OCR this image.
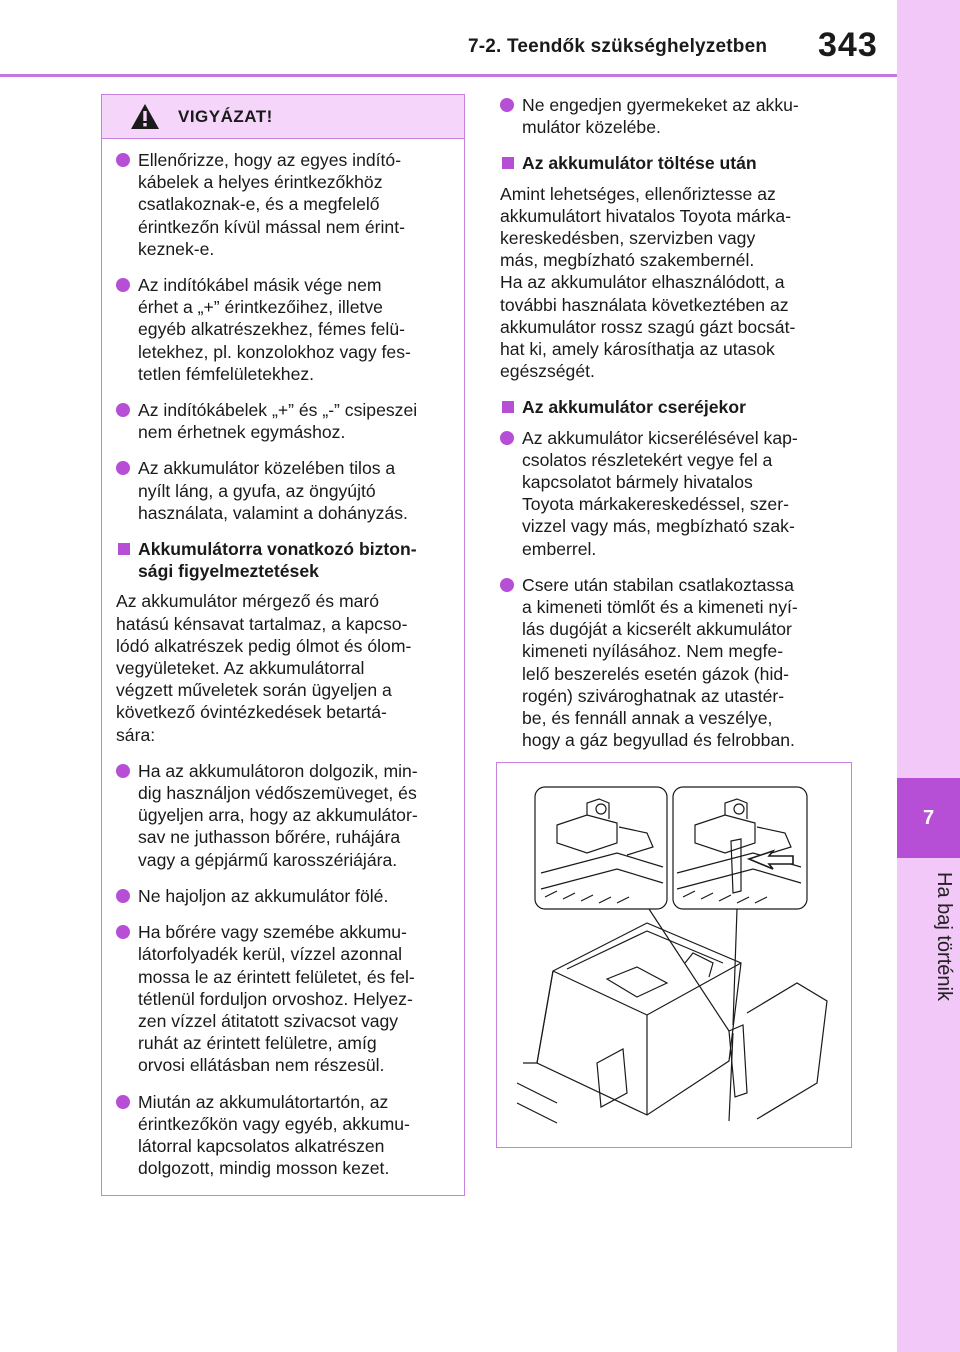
7-2. Teendők szükséghelyzetben 343
7
Ha baj történik
VIGYÁZAT!
Ellenőrizze, hogy az egyes indító-
kábelek a helyes érintkezőkhöz
csatlakoznak-e, és a megfelelő
érintkezőn kívül mással nem érint-
keznek-e.
Az indítókábel másik vége nem
érhet a „+” érintkezőihez, illetve
egyéb alkatrészekhez, fémes felü-
letekhez, pl. konzolokhoz vagy fes-
tetlen fémfelületekhez.
Az indítókábelek „+” és „-” csipeszei
nem érhetnek egymáshoz.
Az akkumulátor közelében tilos a
nyílt láng, a gyufa, az öngyújtó
használata, valamint a dohányzás.
Akkumulátorra vonatkozó bizton-
sági figyelmeztetések
Az akkumulátor mérgező és maró
hatású kénsavat tartalmaz, a kapcso-
lódó alkatrészek pedig ólmot és ólom-
vegyületeket. Az akkumulátorral
végzett műveletek során ügyeljen a
következő óvintézkedések betartá-
sára:
Ha az akkumulátoron dolgozik, min-
dig használjon védőszemüveget, és
ügyeljen arra, hogy az akkumulátor-
sav ne juthasson bőrére, ruhájára
vagy a gépjármű karosszériájára.
Ne hajoljon az akkumulátor fölé.
Ha bőrére vagy szemébe akkumu-
látorfolyadék kerül, vízzel azonnal
mossa le az érintett felületet, és fel-
tétlenül forduljon orvoshoz. Helyez-
zen vízzel átitatott szivacsot vagy
ruhát az érintett felületre, amíg
orvosi ellátásban nem részesül.
Miután az akkumulátortartón, az
érintkezőkön vagy egyéb, akkumu-
látorral kapcsolatos alkatrészen
dolgozott, mindig mosson kezet.
Ne engedjen gyermekeket az akku-
mulátor közelébe.
Az akkumulátor töltése után
Amint lehetséges, ellenőriztesse az
akkumulátort hivatalos Toyota márka-
kereskedésben, szervizben vagy
más, megbízható szakembernél.
Ha az akkumulátor elhasználódott, a
további használata következtében az
akkumulátor rossz szagú gázt bocsát-
hat ki, amely károsíthatja az utasok
egészségét.
Az akkumulátor cseréjekor
Az akkumulátor kicserélésével kap-
csolatos részletekért vegye fel a
kapcsolatot bármely hivatalos
Toyota márkakereskedéssel, szer-
vizzel vagy más, megbízható szak-
emberrel.
Csere után stabilan csatlakoztassa
a kimeneti tömlőt és a kimeneti nyí-
lás dugóját a kicserélt akkumulátor
kimeneti nyílásához. Nem megfe-
lelő beszerelés esetén gázok (hid-
rogén) szivároghatnak az utastér-
be, és fennáll annak a veszélye,
hogy a gáz begyullad és felrobban.
